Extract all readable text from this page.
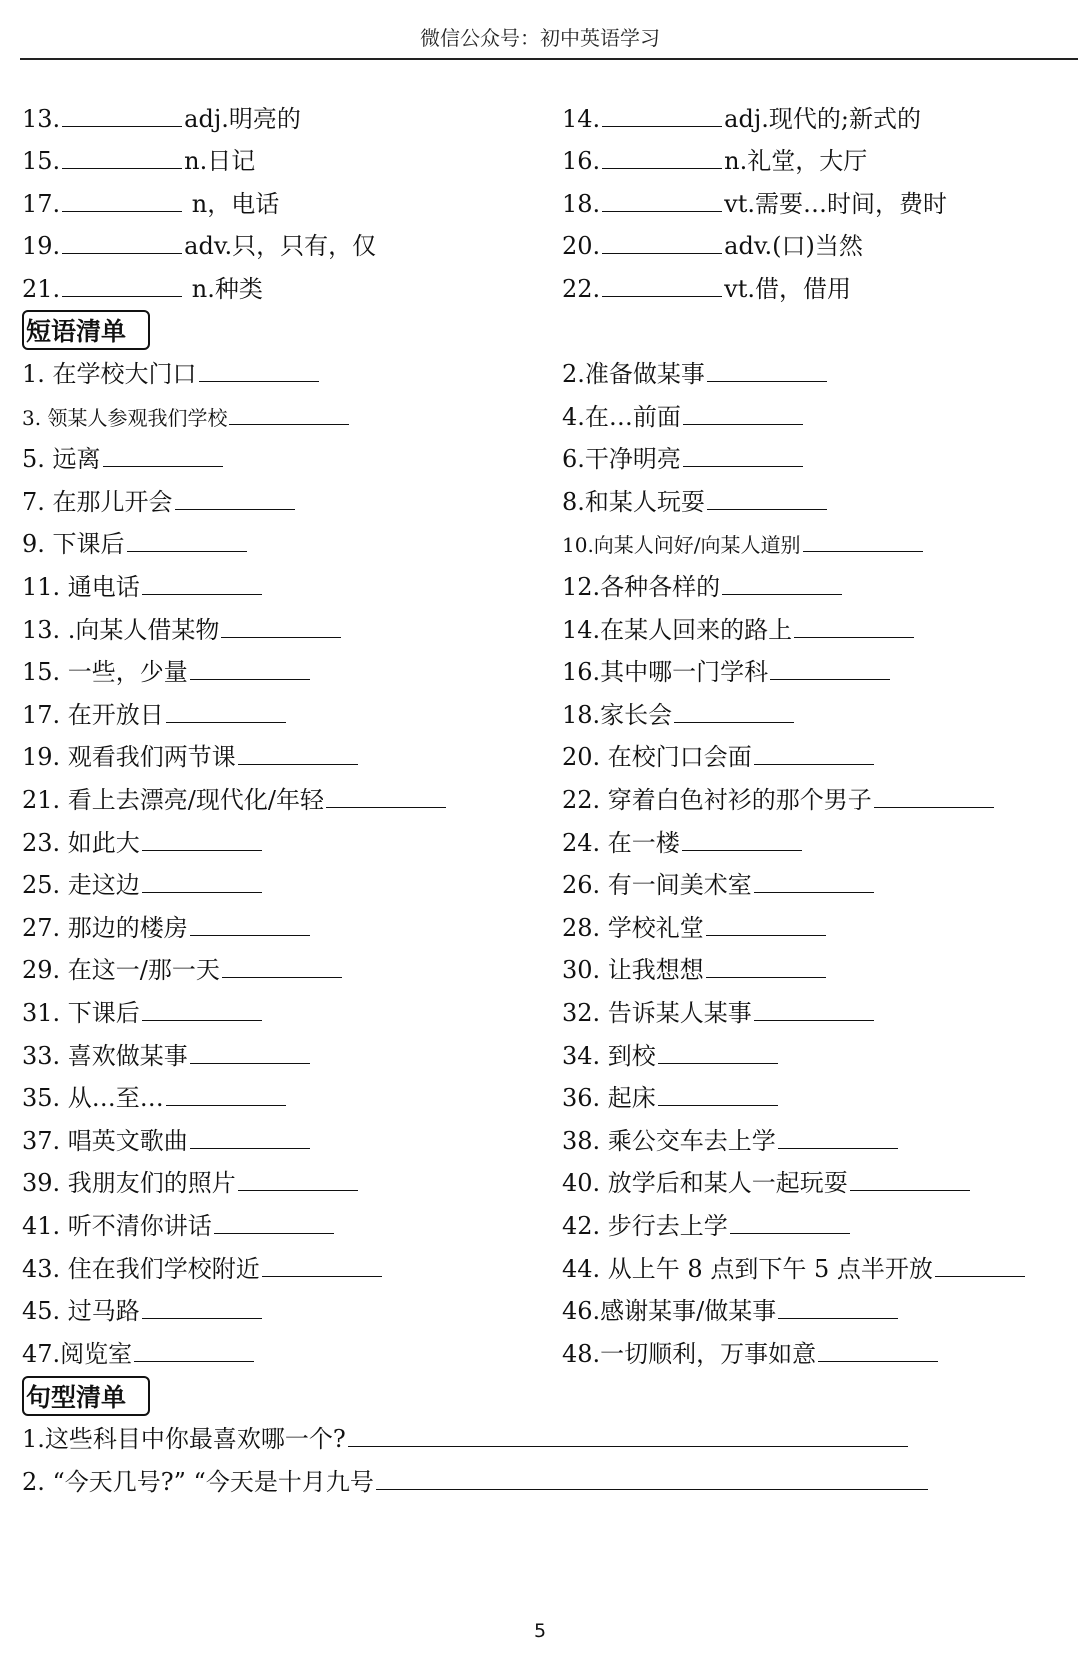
微信公众号：初中英语学习
13.	adj.明亮的	14.	adj.现代的;新式的
15.	n.日记	16.	n.礼堂，大厅
17.	n，电话	18.	vt.需要…时间，费时
19.	adv.只，只有，仅	20.	adv.(口)当然
21.	n.种类	22.	vt.借，借用
短语清单
1. 在学校大门口	2.准备做某事
3. 领某人参观我们学校	4.在…前面
5. 远离	6.干净明亮
7. 在那儿开会	8.和某人玩耍
9. 下课后	10.向某人问好/向某人道别
11. 通电话	12.各种各样的
13. .向某人借某物	14.在某人回来的路上
15. 一些，少量	16.其中哪一门学科
17. 在开放日	18.家长会
19. 观看我们两节课	20. 在校门口会面
21. 看上去漂亮/现代化/年轻	22. 穿着白色衬衫的那个男子
23. 如此大	24. 在一楼
25. 走这边	26. 有一间美术室
27. 那边的楼房	28. 学校礼堂
29. 在这一/那一天	30. 让我想想
31. 下课后	32. 告诉某人某事
33. 喜欢做某事	34. 到校
35. 从…至…	36. 起床
37. 唱英文歌曲	38. 乘公交车去上学
39. 我朋友们的照片	40. 放学后和某人一起玩耍
41. 听不清你讲话	42. 步行去上学
43. 住在我们学校附近	44. 从上午 8 点到下午 5 点半开放
45. 过马路	46.感谢某事/做某事
47.阅览室	48.一切顺利，万事如意
句型清单
1.这些科目中你最喜欢哪一个?
2. “今天几号?” “今天是十月九号
5
